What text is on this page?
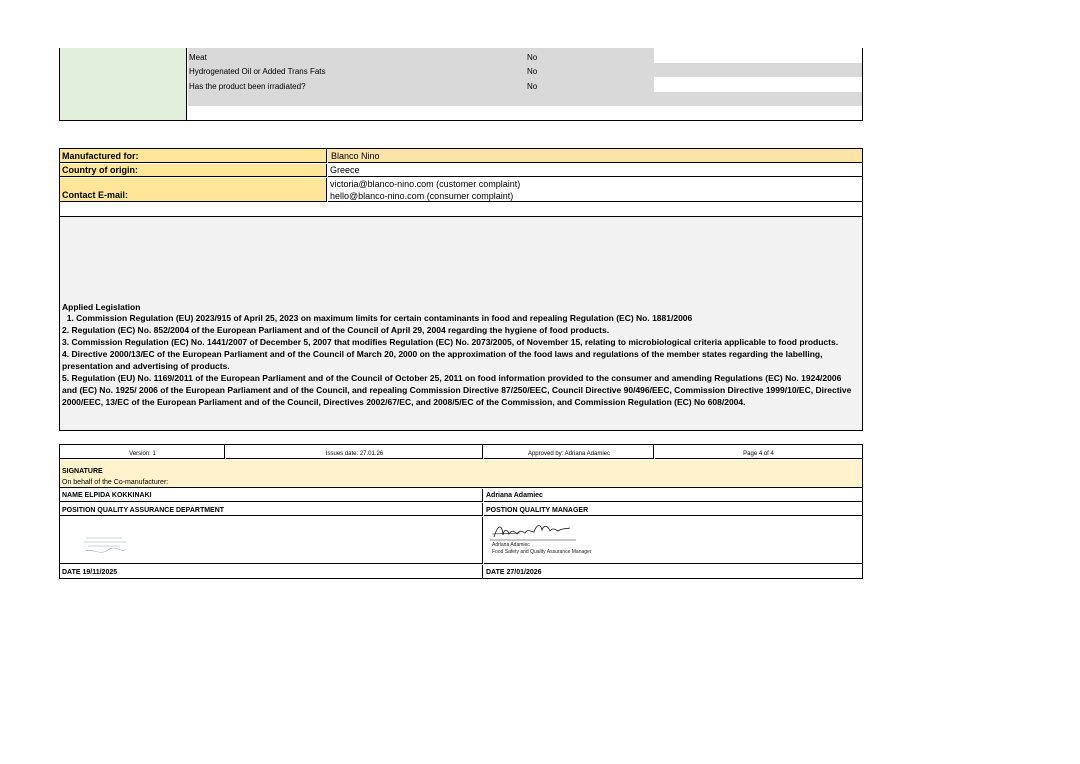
Meat	No
Hydrogenated Oil or Added Trans Fats	No
Has the product been irradiated?	No
Manufactured for:	Blanco Nino
Country of origin:	Greece
Contact E-mail:
victoria@blanco-nino.com (customer complaint)
hello@blanco-nino.com (consumer complaint)
Applied Legislation
1. Commission Regulation (EU) 2023/915 of April 25, 2023 on maximum limits for certain contaminants in food and repealing Regulation (EC) No. 1881/2006
2. Regulation (EC) No. 852/2004 of the European Parliament and of the Council of April 29, 2004 regarding the hygiene of food products.
3. Commission Regulation (EC) No. 1441/2007 of December 5, 2007 that modifies Regulation (EC) No. 2073/2005, of November 15, relating to microbiological criteria applicable to food products.
4. Directive 2000/13/EC of the European Parliament and of the Council of March 20, 2000 on the approximation of the food laws and regulations of the member states regarding the labelling,
presentation and advertising of products.
5. Regulation (EU) No. 1169/2011 of the European Parliament and of the Council of October 25, 2011 on food information provided to the consumer and amending Regulations (EC) No. 1924/2006
and (EC) No. 1925/ 2006 of the European Parliament and of the Council, and repealing Commission Directive 87/250/EEC, Council Directive 90/496/EEC, Commission Directive 1999/10/EC, Directive
2000/EEC, 13/EC of the European Parliament and of the Council, Directives 2002/67/EC, and 2008/5/EC of the Commission, and Commission Regulation (EC) No 608/2004.
Version: 1	Issues date: 27.01.26	Approved by: Adriana Adamiec	Page 4 of 4
SIGNATURE
On behalf of the Co-manufacturer:
NAME ELPIDA KOKKINAKI	Adriana Adamiec
POSITION QUALITY ASSURANCE DEPARTMENT	POSTION QUALITY MANAGER
Adriana Adamiec
Food Safety and Quality Assurance Manager
DATE 19/11/2025	DATE 27/01/2026
